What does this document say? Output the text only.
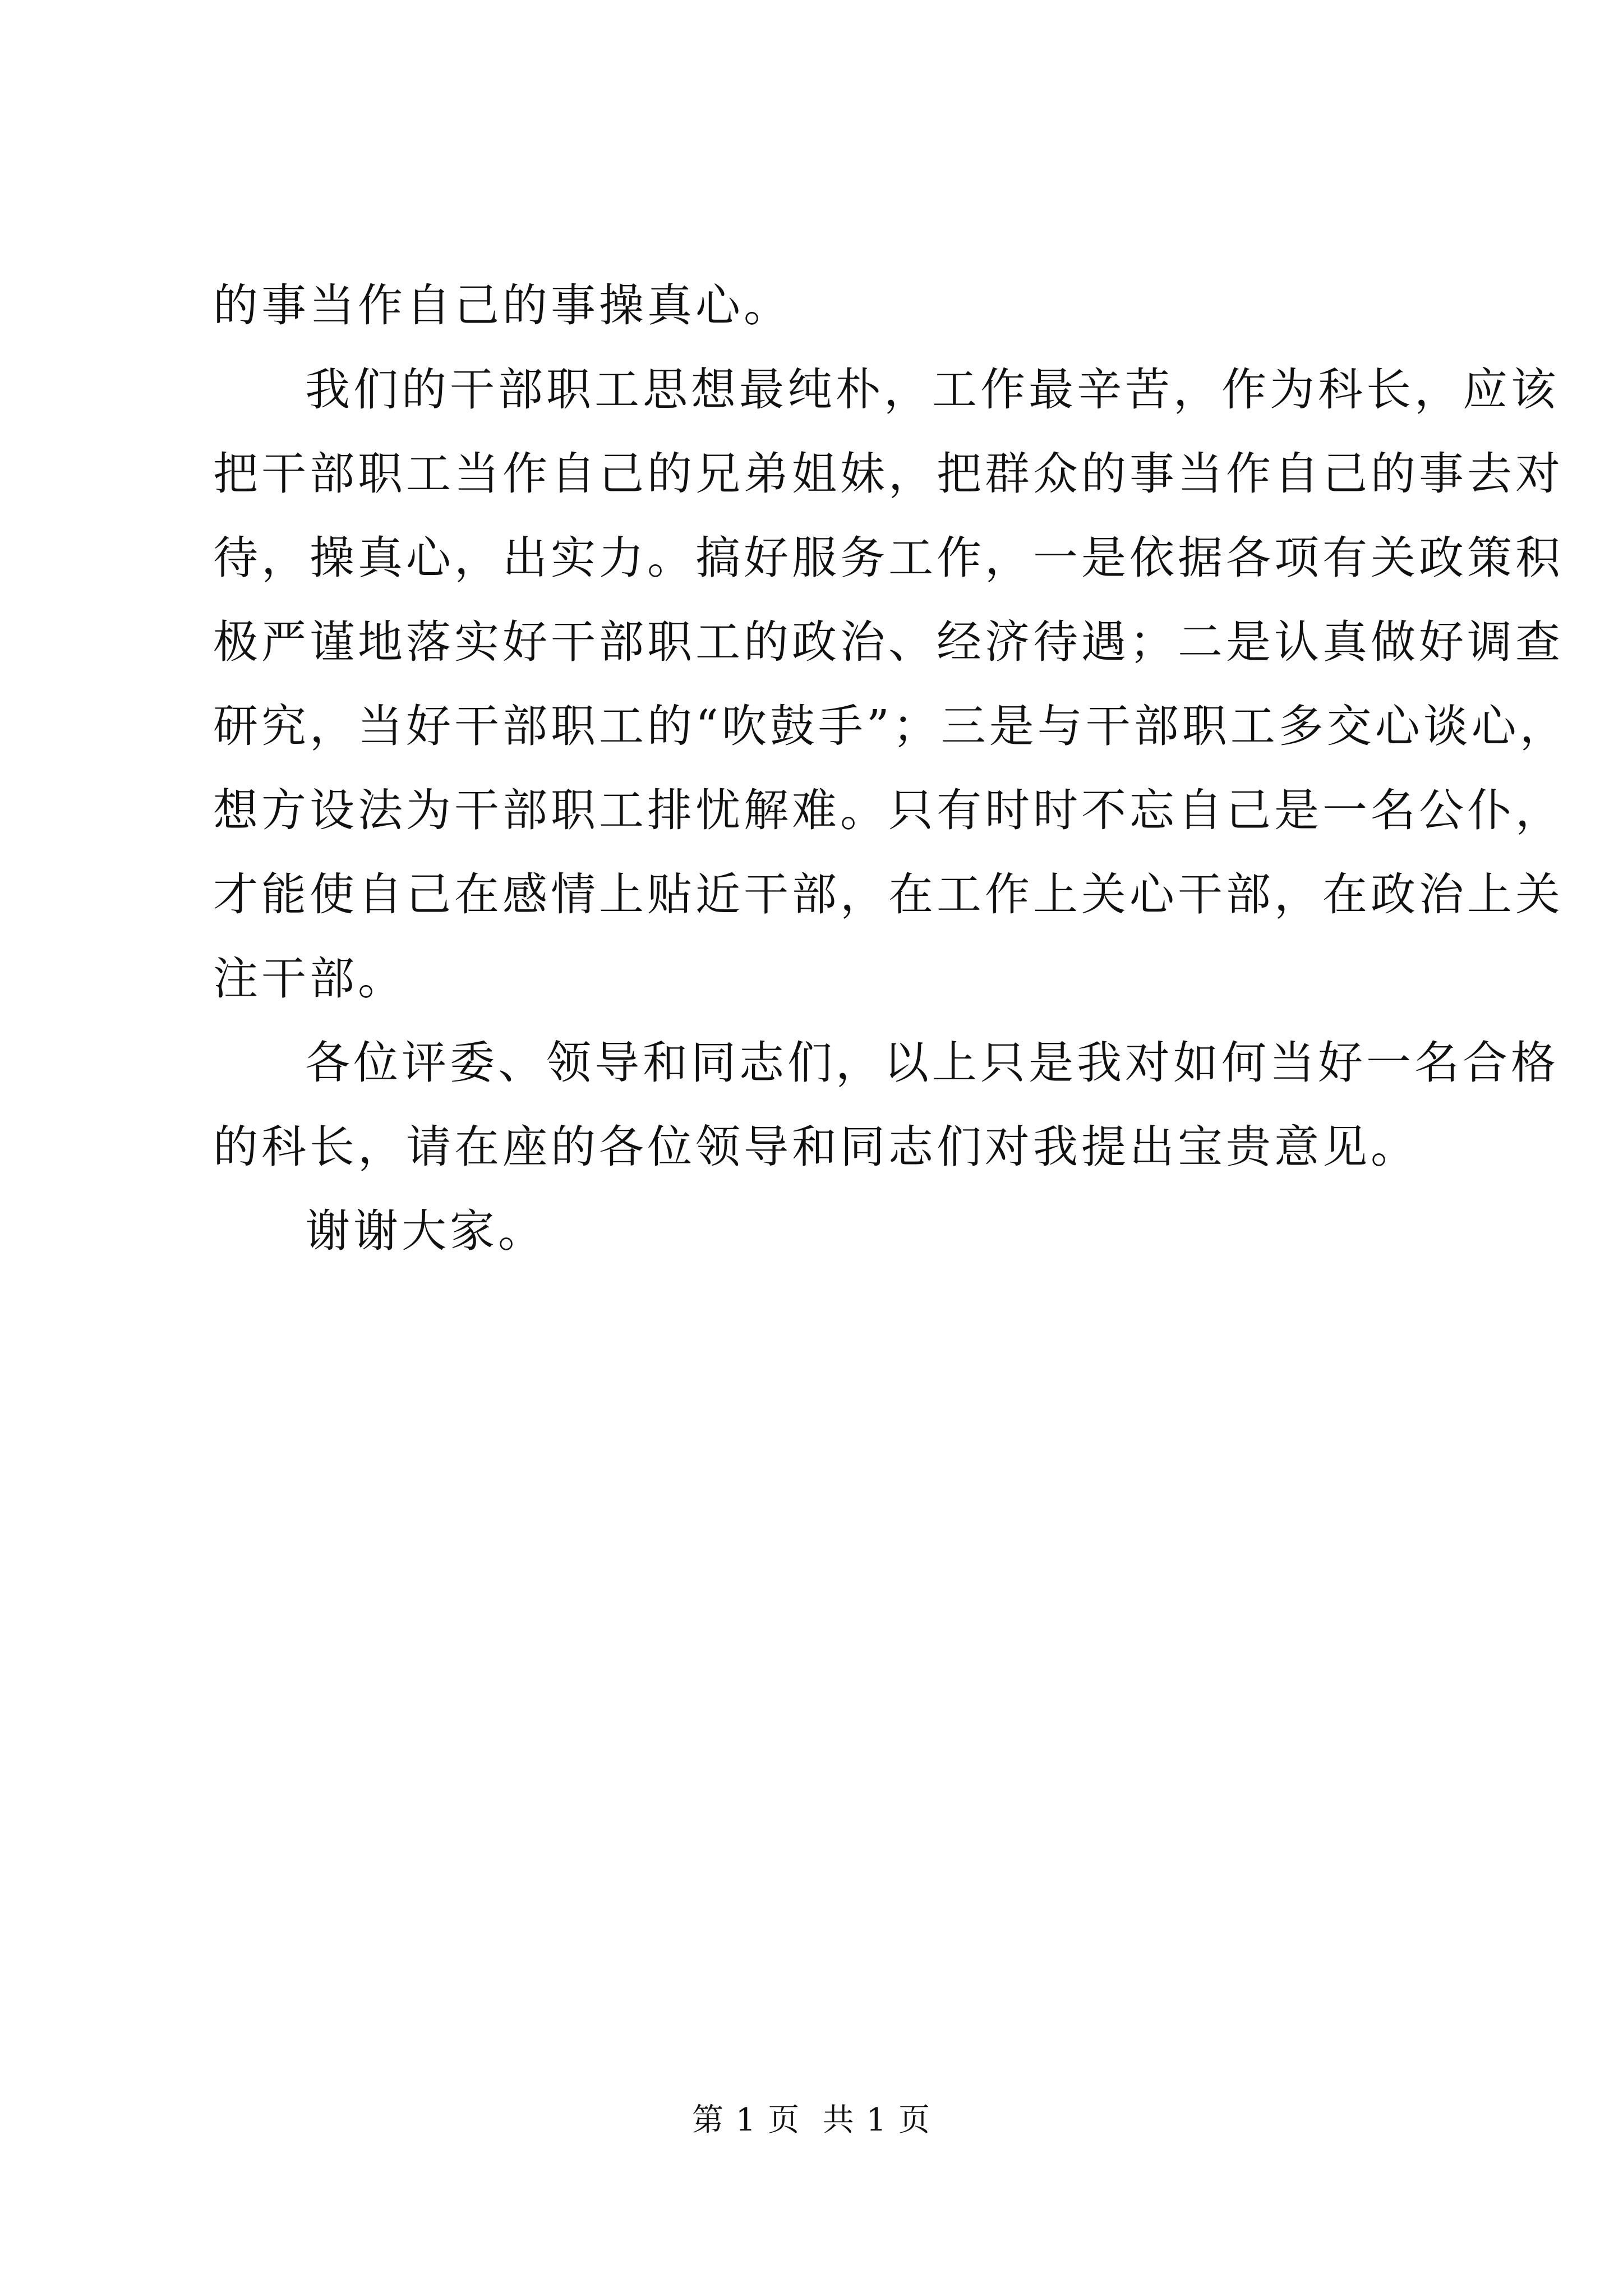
的事当作自己的事操真心。
我们的干部职工思想最纯朴，工作最辛苦，作为科长，应该
把干部职工当作自己的兄弟姐妹，把群众的事当作自己的事去对
待，操真心，出实力。搞好服务工作，一是依据各项有关政策积
极严谨地落实好干部职工的政治、经济待遇；二是认真做好调查
研究，当好干部职工的“吹鼓手”；三是与干部职工多交心谈心，
想方设法为干部职工排忧解难。只有时时不忘自己是一名公仆，
才能使自己在感情上贴近干部，在工作上关心干部，在政治上关
注干部。
各位评委、领导和同志们，以上只是我对如何当好一名合格
的科长，请在座的各位领导和同志们对我提出宝贵意见。
谢谢大家。
第 1 页  共 1 页
